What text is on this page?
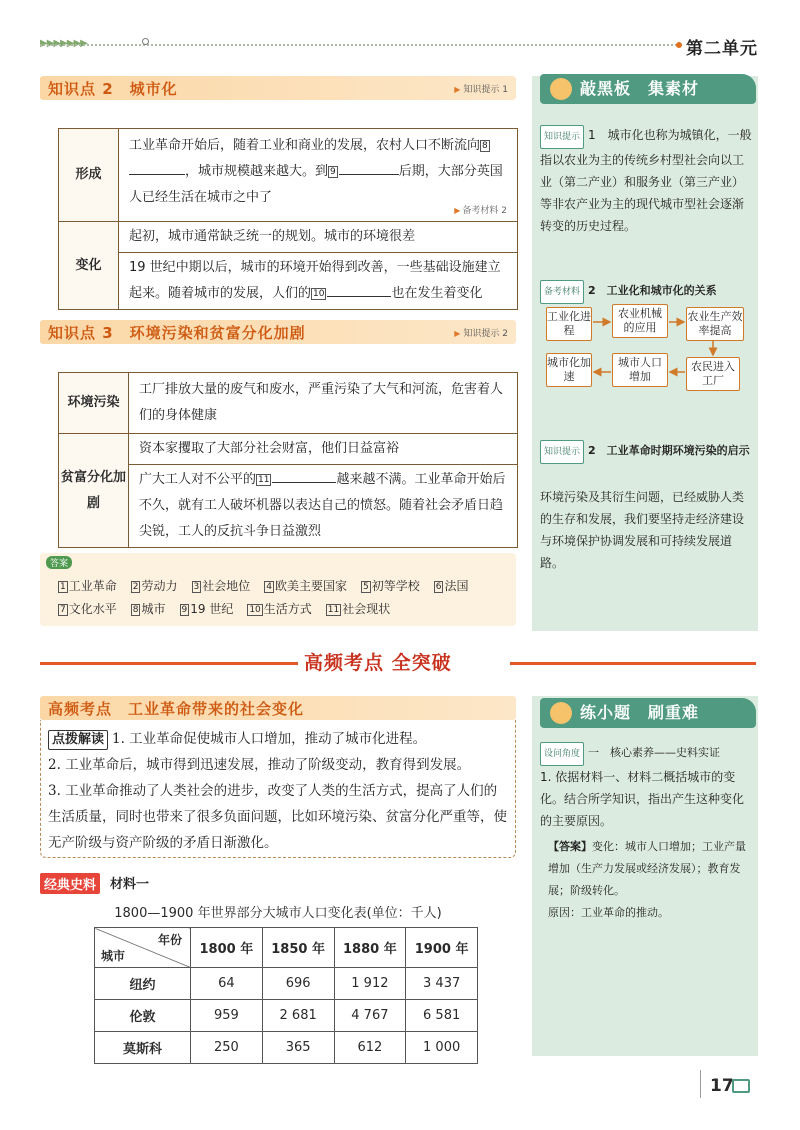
▶▶▶▶▶▶▶	第二单元
知识点 2　城市化	▶ 知识提示 1
形成	工业革命开始后，随着工业和商业的发展，农村人口不断流向 8，城市规模越来越大。到 9 后期，大部分英国人已经生活在城市之中了
▶ 备考材料 2

变化	起初，城市通常缺乏统一的规划。城市的环境很差
19 世纪中期以后，城市的环境开始得到改善，一些基础设施建立起来。随着城市的发展，人们的 10 也在发生着变化
知识点 3　环境污染和贫富分化加剧	▶ 知识提示 2
环境污染	工厂排放大量的废气和废水，严重污染了大气和河流，危害着人们的身体健康
贫富分化加剧	资本家攫取了大部分社会财富，他们日益富裕
广大工人对不公平的 11 越来越不满。工业革命开始后不久，就有工人破坏机器以表达自己的愤怒。随着社会矛盾日趋尖锐，工人的反抗斗争日益激烈
答案
1 工业革命 2 劳动力 3 社会地位 4 欧美主要国家 5 初等学校 6 法国
7 文化水平 8 城市 9 19 世纪 10 生活方式 11 社会现状
高频考点 全突破
高频考点　工业革命带来的社会变化
点拨解读 1. 工业革命促使城市人口增加，推动了城市化进程。
2. 工业革命后，城市得到迅速发展，推动了阶级变动，教育得到发展。
3. 工业革命推动了人类社会的进步，改变了人类的生活方式，提高了人们的生活质量，同时也带来了很多负面问题，比如环境污染、贫富分化严重等，使无产阶级与资产阶级的矛盾日渐激化。
经典史料	材料一
1800—1900 年世界部分大城市人口变化表(单位：千人)
年份
城市	1800 年	1850 年	1880 年	1900 年
纽约	64	696	1 912	3 437
伦敦	959	2 681	4 767	6 581
莫斯科	250	365	612	1 000
敲黑板　集素材
知识提示 1　城市化也称为城镇化，一般指以农业为主的传统乡村型社会向以工业（第二产业）和服务业（第三产业）等非农产业为主的现代城市型社会逐渐转变的历史过程。
备考材料 2　工业化和城市化的关系
工业化进程
农业机械的应用
农业生产效率提高
农民进入工厂
城市人口增加
城市化加速
知识提示 2　工业革命时期环境污染的启示
环境污染及其衍生问题，已经威胁人类的生存和发展，我们要坚持走经济建设与环境保护协调发展和可持续发展道路。
练小题　刷重难
设问角度 一　核心素养——史料实证
1. 依据材料一、材料二概括城市的变化。结合所学知识，指出产生这种变化的主要原因。
【答案】变化：城市人口增加；工业产量增加（生产力发展或经济发展）；教育发展；阶级转化。
原因：工业革命的推动。
17
